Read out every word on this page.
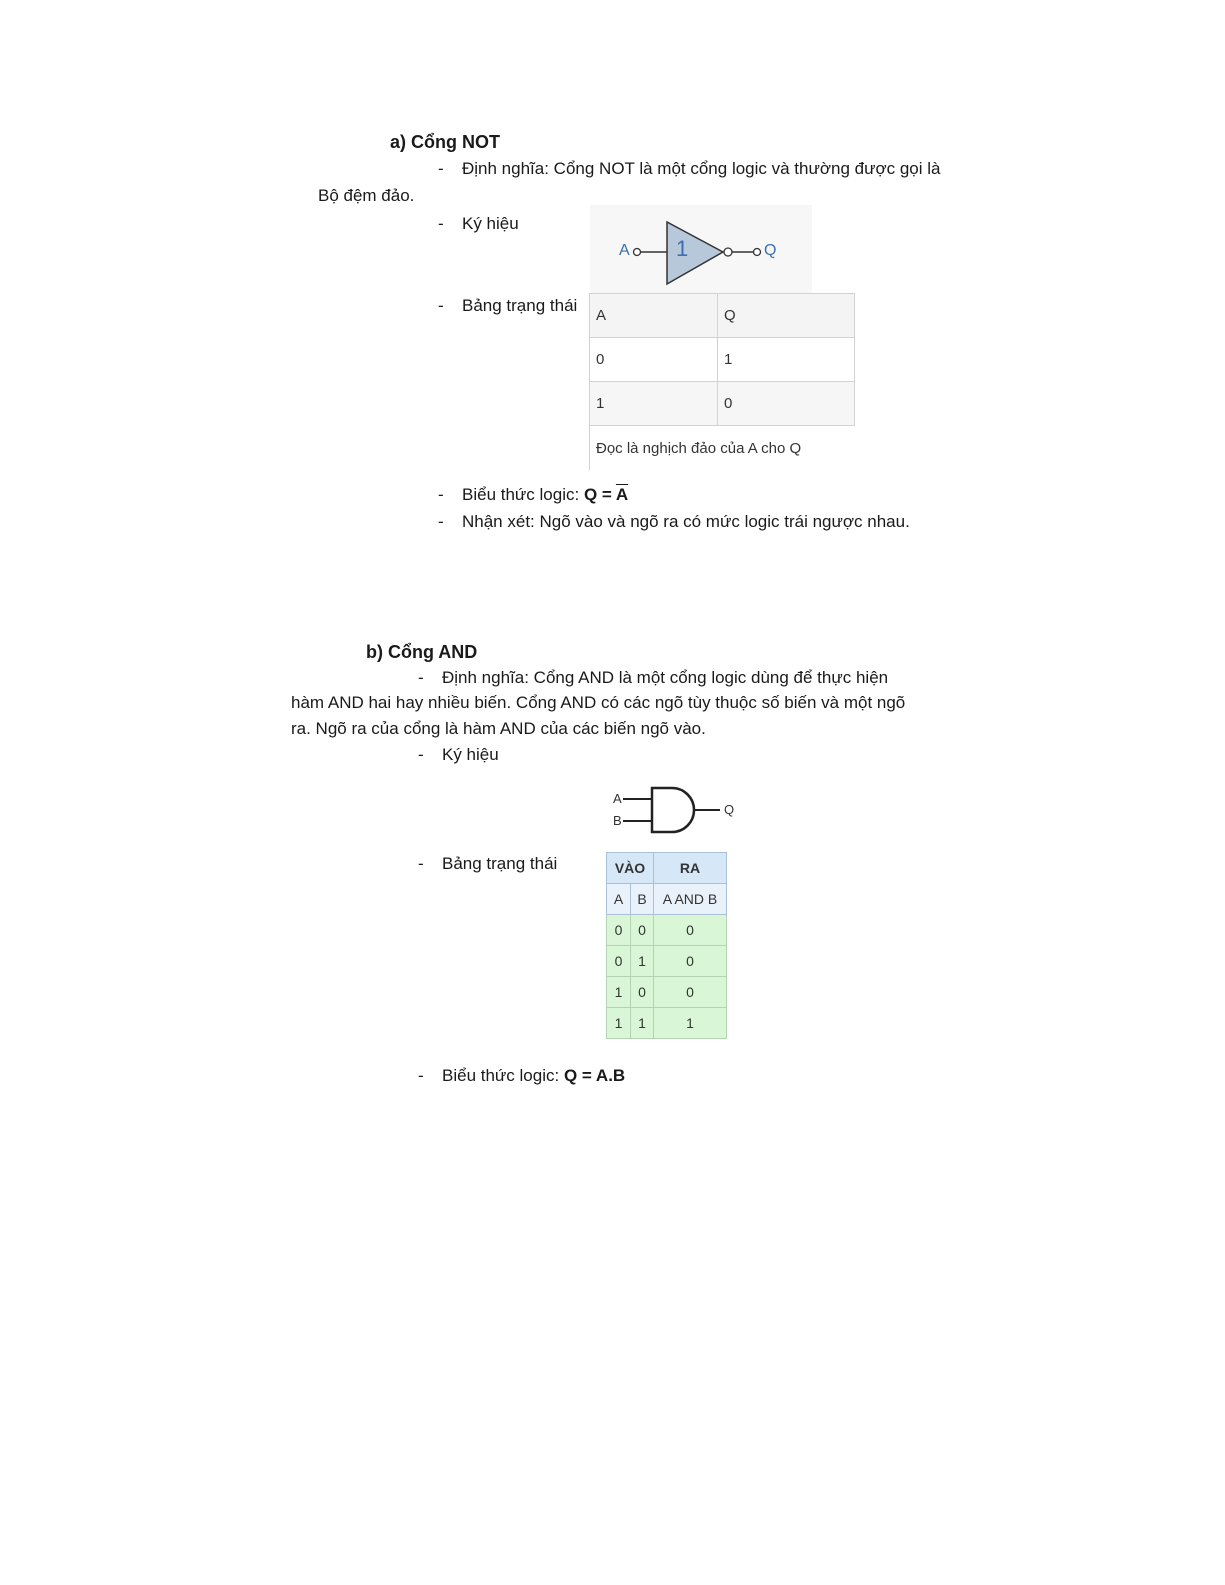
a) Cổng NOT
- Định nghĩa: Cổng NOT là một cổng logic và thường được gọi là
Bộ đệm đảo.
- Ký hiệu
A 1	Q
- Bảng trạng thái
A	Q
0	1
1	0
Đọc là nghịch đảo của A cho Q	
- Biểu thức logic: $Q = \overline{A}$
- Nhận xét: Ngõ vào và ngõ ra có mức logic trái ngược nhau.
b) Cổng AND
- Định nghĩa: Cổng AND là một cổng logic dùng để thực hiện
hàm AND hai hay nhiều biến. Cổng AND có các ngõ tùy thuộc số biến và một ngõ
ra. Ngõ ra của cổng là hàm AND của các biến ngõ vào.
- Ký hiệu
A
B
Q
- Bảng trạng thái	VÀO		RA
A	B	A AND B
0	0	0
0	1	0
1	0	0
1	1	1
- Biểu thức logic: Q = A.B
